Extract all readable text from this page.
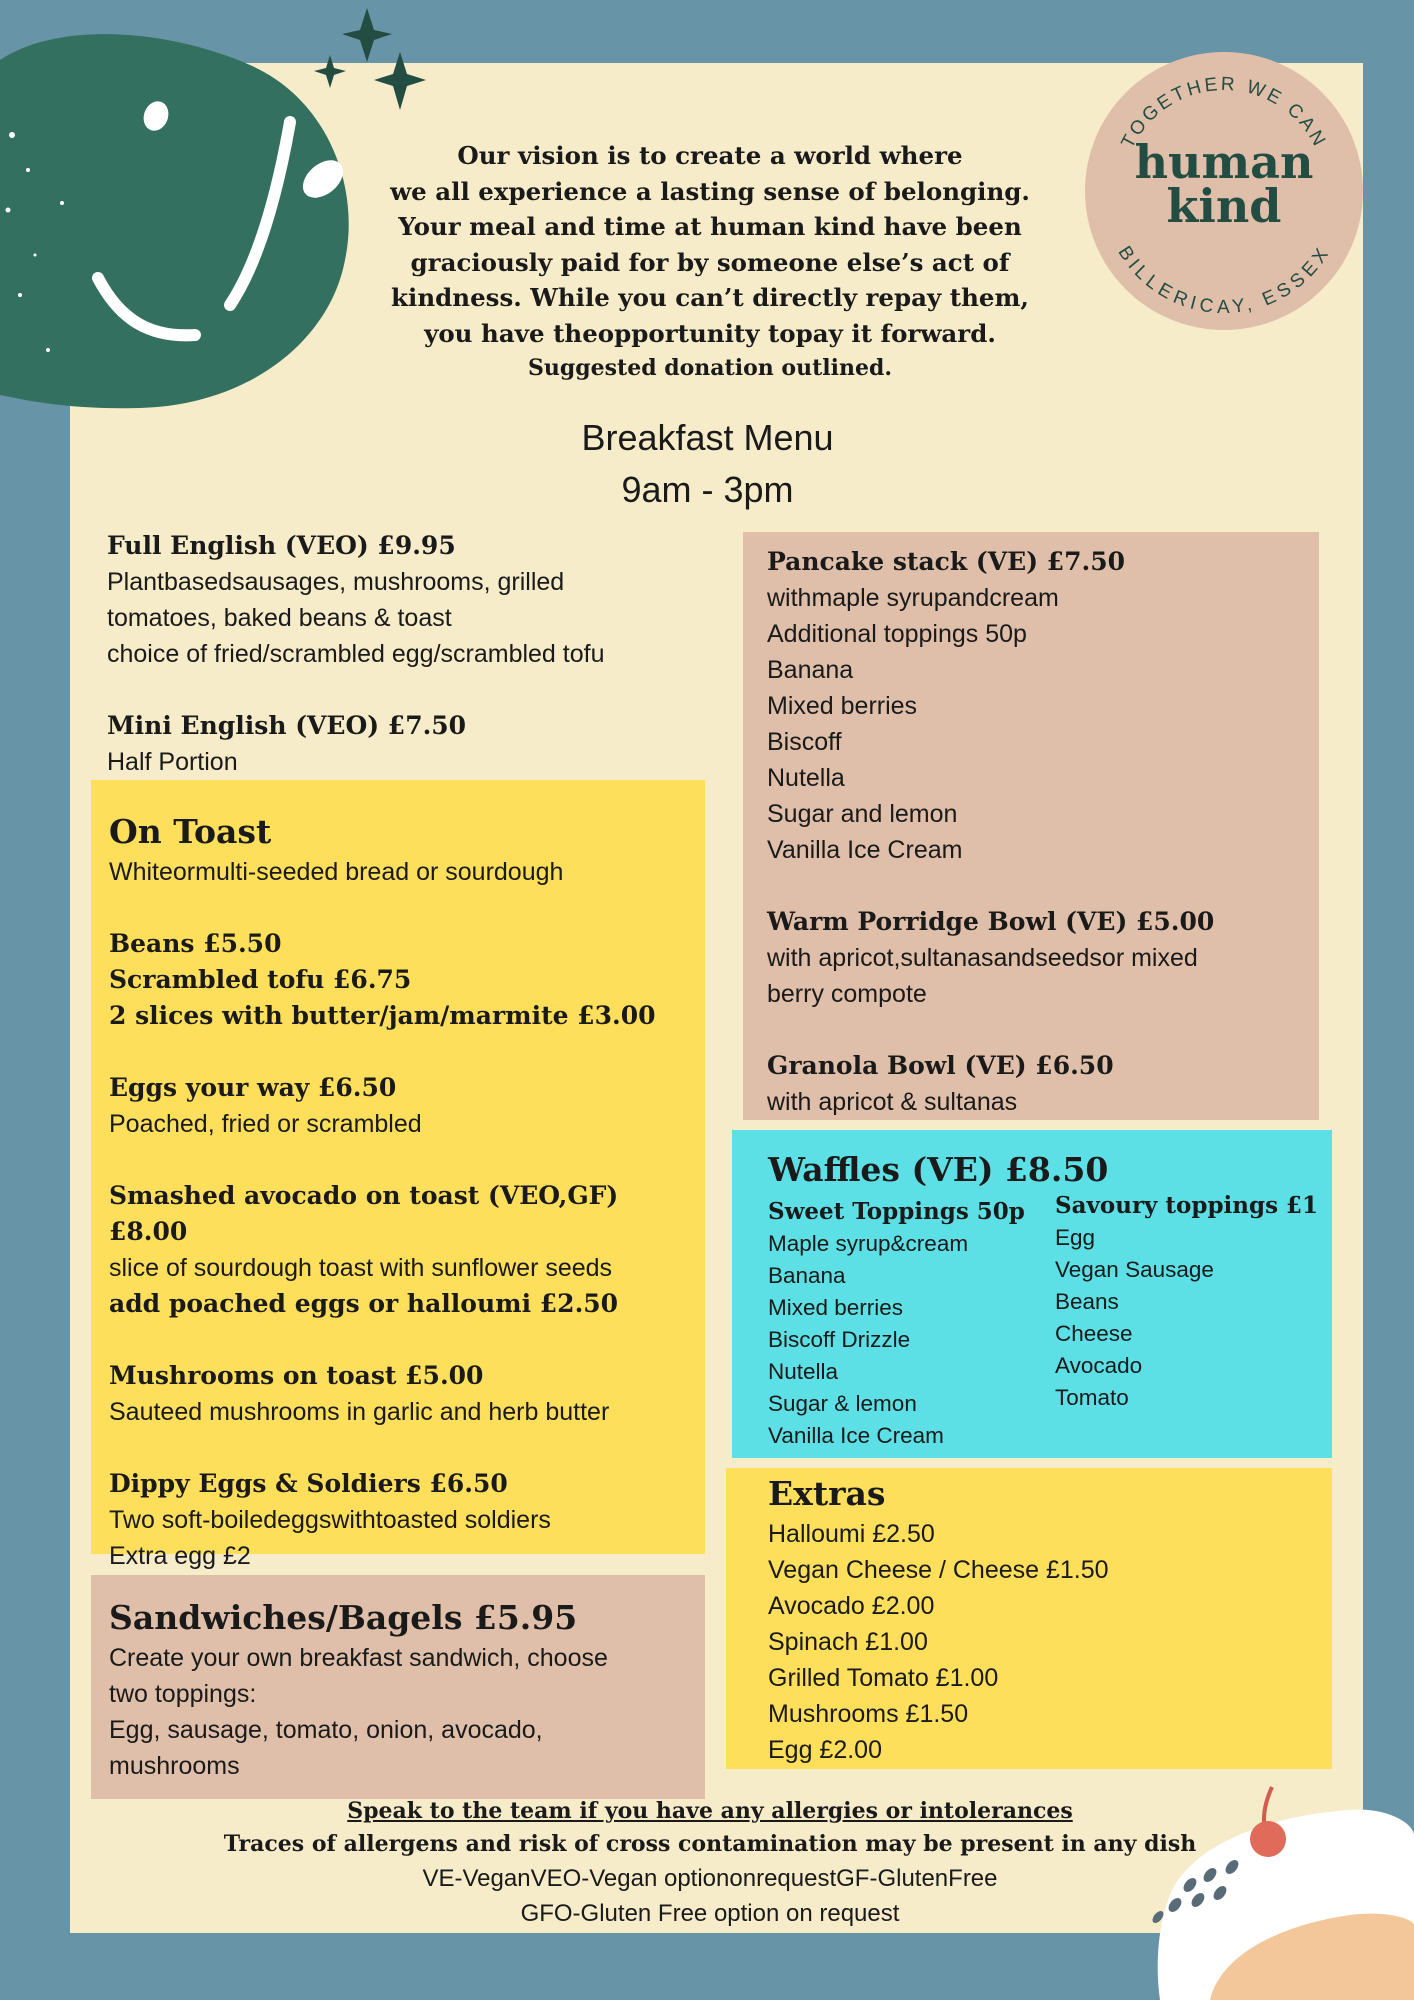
TOGETHER WE CAN
BILLERICAY, ESSEX
human
kind
Our vision is to create a world where
we all experience a lasting sense of belonging.
Your meal and time at human kind have been
graciously paid for by someone else’s act of
kindness. While you can’t directly repay them,
you have theopportunity topay it forward.
Suggested donation outlined.
Breakfast Menu
9am - 3pm
Full English (VEO) £9.95
Plantbasedsausages, mushrooms, grilled
tomatoes, baked beans & toast
choice of fried/scrambled egg/scrambled tofu
Mini English (VEO) £7.50
Half Portion
On Toast
Whiteormulti-seeded bread or sourdough
Beans £5.50
Scrambled tofu £6.75
2 slices with butter/jam/marmite £3.00
Eggs your way £6.50
Poached, fried or scrambled
Smashed avocado on toast (VEO,GF) £8.00
slice of sourdough toast with sunflower seeds
add poached eggs or halloumi £2.50
Mushrooms on toast £5.00
Sauteed mushrooms in garlic and herb butter
Dippy Eggs & Soldiers £6.50
Two soft-boiledeggswithtoasted soldiers
Extra egg £2
Sandwiches/Bagels £5.95
Create your own breakfast sandwich, choose
two toppings:
Egg, sausage, tomato, onion, avocado,
mushrooms
Pancake stack (VE) £7.50
withmaple syrupandcream
Additional toppings 50p
Banana
Mixed berries
Biscoff
Nutella
Sugar and lemon
Vanilla Ice Cream
Warm Porridge Bowl (VE) £5.00
with apricot,sultanasandseedsor mixed
berry compote
Granola Bowl (VE) £6.50
with apricot & sultanas
Waffles (VE) £8.50
Sweet Toppings 50p
Maple syrup&cream
Banana
Mixed berries
Biscoff Drizzle
Nutella
Sugar & lemon
Vanilla Ice Cream
Savoury toppings £1
Egg
Vegan Sausage
Beans
Cheese
Avocado
Tomato
Extras
Halloumi £2.50
Vegan Cheese / Cheese £1.50
Avocado £2.00
Spinach £1.00
Grilled Tomato £1.00
Mushrooms £1.50
Egg £2.00
Speak to the team if you have any allergies or intolerances
Traces of allergens and risk of cross contamination may be present in any dish
VE-VeganVEO-Vegan optiononrequestGF-GlutenFree
GFO-Gluten Free option on request
